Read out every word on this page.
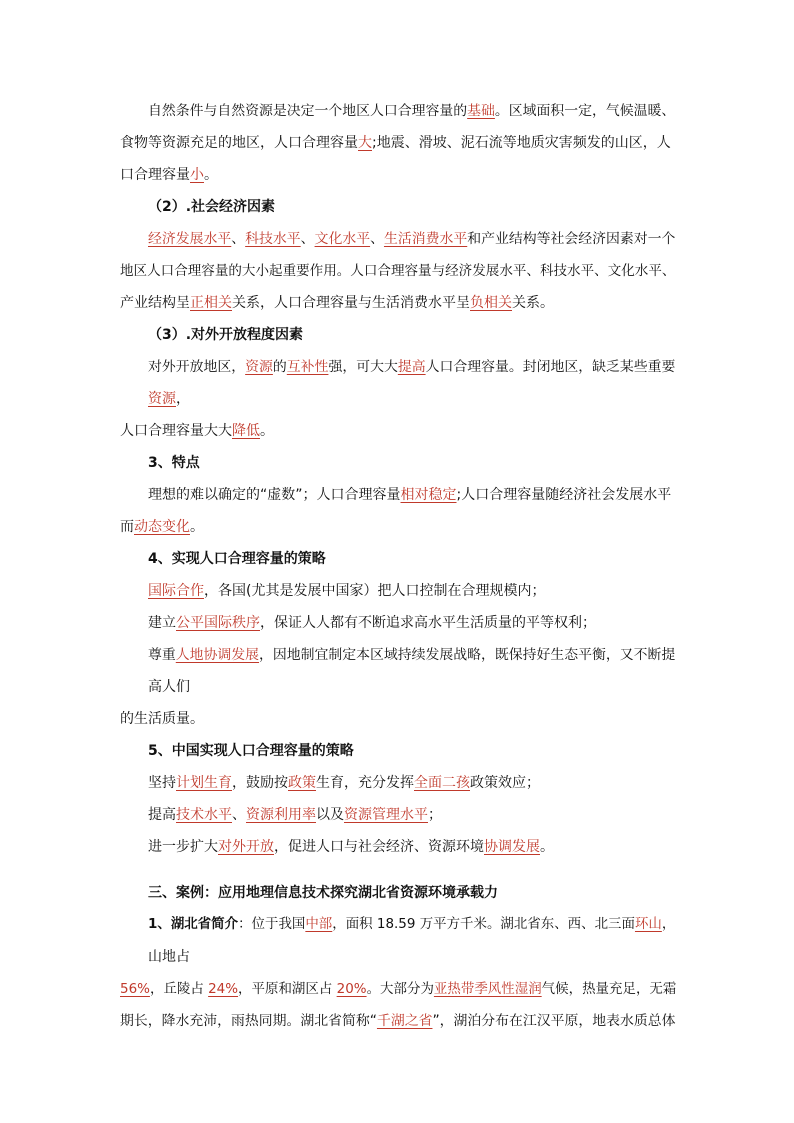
自然条件与自然资源是决定一个地区人口合理容量的基础。区域面积一定，气候温暖、
食物等资源充足的地区，人口合理容量大;地震、滑坡、泥石流等地质灾害频发的山区，人
口合理容量小。
（2）.社会经济因素
经济发展水平、科技水平、文化水平、生活消费水平和产业结构等社会经济因素对一个
地区人口合理容量的大小起重要作用。人口合理容量与经济发展水平、科技水平、文化水平、
产业结构呈正相关关系，人口合理容量与生活消费水平呈负相关关系。
（3）.对外开放程度因素
对外开放地区，资源的互补性强，可大大提高人口合理容量。封闭地区，缺乏某些重要
资源，
人口合理容量大大降低。
3、特点
理想的难以确定的“虚数”；人口合理容量相对稳定;人口合理容量随经济社会发展水平
而动态变化。
4、实现人口合理容量的策略
国际合作，各国(尤其是发展中国家）把人口控制在合理规模内；
建立公平国际秩序，保证人人都有不断追求高水平生活质量的平等权利；
尊重人地协调发展，因地制宜制定本区域持续发展战略，既保持好生态平衡，又不断提
高人们
的生活质量。
5、中国实现人口合理容量的策略
坚持计划生育，鼓励按政策生育，充分发挥全面二孩政策效应；
提高技术水平、资源利用率以及资源管理水平；
进一步扩大对外开放，促进人口与社会经济、资源环境协调发展。
三、案例：应用地理信息技术探究湖北省资源环境承载力
1、湖北省简介：位于我国中部，面积 18.59 万平方千米。湖北省东、西、北三面环山，
山地占
56%，丘陵占 24%，平原和湖区占 20%。大部分为亚热带季风性湿润气候，热量充足，无霜
期长，降水充沛，雨热同期。湖北省简称“千湖之省”，湖泊分布在江汉平原，地表水质总体
